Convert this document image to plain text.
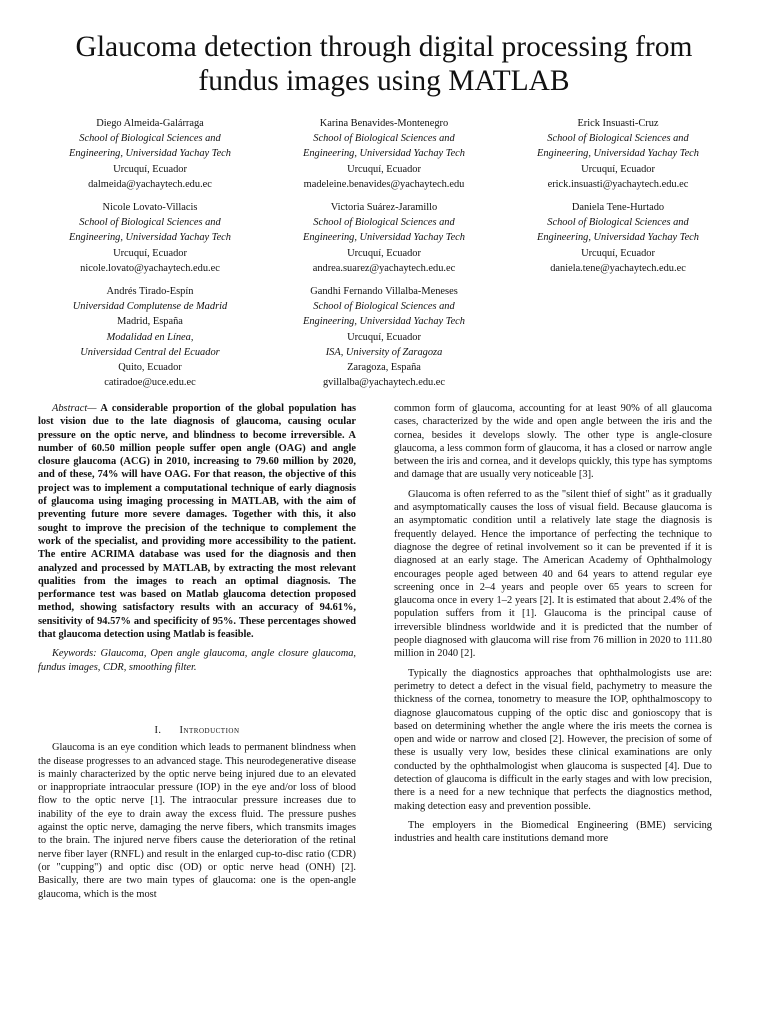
Glaucoma detection through digital processing from fundus images using MATLAB
Diego Almeida-Galárraga
School of Biological Sciences and
Engineering, Universidad Yachay Tech
Urcuquí, Ecuador
dalmeida@yachaytech.edu.ec
Karina Benavides-Montenegro
School of Biological Sciences and
Engineering, Universidad Yachay Tech
Urcuquí, Ecuador
madeleine.benavides@yachaytech.edu
Erick Insuasti-Cruz
School of Biological Sciences and
Engineering, Universidad Yachay Tech
Urcuquí, Ecuador
erick.insuasti@yachaytech.edu.ec
Nicole Lovato-Villacis
School of Biological Sciences and
Engineering, Universidad Yachay Tech
Urcuquí, Ecuador
nicole.lovato@yachaytech.edu.ec
Victoria Suárez-Jaramillo
School of Biological Sciences and
Engineering, Universidad Yachay Tech
Urcuquí, Ecuador
andrea.suarez@yachaytech.edu.ec
Daniela Tene-Hurtado
School of Biological Sciences and
Engineering, Universidad Yachay Tech
Urcuquí, Ecuador
daniela.tene@yachaytech.edu.ec
Andrés Tirado-Espín
Universidad Complutense de Madrid
Madrid, España
Modalidad en Línea,
Universidad Central del Ecuador
Quito, Ecuador
catiradoe@uce.edu.ec
Gandhi Fernando Villalba-Meneses
School of Biological Sciences and
Engineering, Universidad Yachay Tech
Urcuquí, Ecuador
ISA, University of Zaragoza
Zaragoza, España
gvillalba@yachaytech.edu.ec

Abstract— A considerable proportion of the global population has lost vision due to the late diagnosis of glaucoma, causing ocular pressure on the optic nerve, and blindness to become irreversible. A number of 60.50 million people suffer open angle (OAG) and angle closure glaucoma (ACG) in 2010, increasing to 79.60 million by 2020, and of these, 74% will have OAG. For that reason, the objective of this project was to implement a computational technique of early diagnosis of glaucoma using imaging processing in MATLAB, with the aim of preventing future more severe damages. Together with this, it also sought to improve the precision of the technique to complement the work of the specialist, and providing more accessibility to the patient. The entire ACRIMA database was used for the diagnosis and then analyzed and processed by MATLAB, by extracting the most relevant qualities from the images to reach an optimal diagnosis. The performance test was based on Matlab glaucoma detection proposed method, showing satisfactory results with an accuracy of 94.61%, sensitivity of 94.57% and specificity of 95%. These percentages showed that glaucoma detection using Matlab is feasible.

Keywords: Glaucoma, Open angle glaucoma, angle closure glaucoma, fundus images, CDR, smoothing filter.

I. Introduction

Glaucoma is an eye condition which leads to permanent blindness when the disease progresses to an advanced stage. This neurodegenerative disease is mainly characterized by the optic nerve being injured due to an elevated or inappropriate intraocular pressure (IOP) in the eye and/or loss of blood flow to the optic nerve [1]. The intraocular pressure increases due to inability of the eye to drain away the excess fluid. The pressure pushes against the optic nerve, damaging the nerve fibers, which transmits images to the brain. The injured nerve fibers cause the deterioration of the retinal nerve fiber layer (RNFL) and result in the enlarged cup-to-disc ratio (CDR) (or "cupping") and optic disc (OD) or optic nerve head (ONH) [2]. Basically, there are two main types of glaucoma: one is the open-angle glaucoma, which is the most

common form of glaucoma, accounting for at least 90% of all glaucoma cases, characterized by the wide and open angle between the iris and the cornea, besides it develops slowly. The other type is angle-closure glaucoma, a less common form of glaucoma, it has a closed or narrow angle between the iris and cornea, and it develops quickly, this type has symptoms and damage that are usually very noticeable [3].

Glaucoma is often referred to as the "silent thief of sight" as it gradually and asymptomatically causes the loss of visual field. Because glaucoma is an asymptomatic condition until a relatively late stage the diagnosis is frequently delayed. Hence the importance of perfecting the technique to diagnose the degree of retinal involvement so it can be prevented if it is diagnosed at an early stage. The American Academy of Ophthalmology encourages people aged between 40 and 64 years to attend regular eye screening once in 2–4 years and people over 65 years to screen for glaucoma once in every 1–2 years [2]. It is estimated that about 2.4% of the population suffers from it [1]. Glaucoma is the principal cause of irreversible blindness worldwide and it is predicted that the number of people diagnosed with glaucoma will rise from 76 million in 2020 to 111.80 million in 2040 [2].

Typically the diagnostics approaches that ophthalmologists use are: perimetry to detect a defect in the visual field, pachymetry to measure the thickness of the cornea, tonometry to measure the IOP, ophthalmoscopy to diagnose glaucomatous cupping of the optic disc and gonioscopy that is based on determining whether the angle where the iris meets the cornea is open and wide or narrow and closed [2]. However, the precision of some of these is usually very low, besides these clinical examinations are only conducted by the ophthalmologist when glaucoma is suspected [4]. Due to detection of glaucoma is difficult in the early stages and with low precision, there is a need for a new technique that perfects the diagnostics method, making detection easy and prevention possible.

The employers in the Biomedical Engineering (BME) servicing industries and health care institutions demand more
